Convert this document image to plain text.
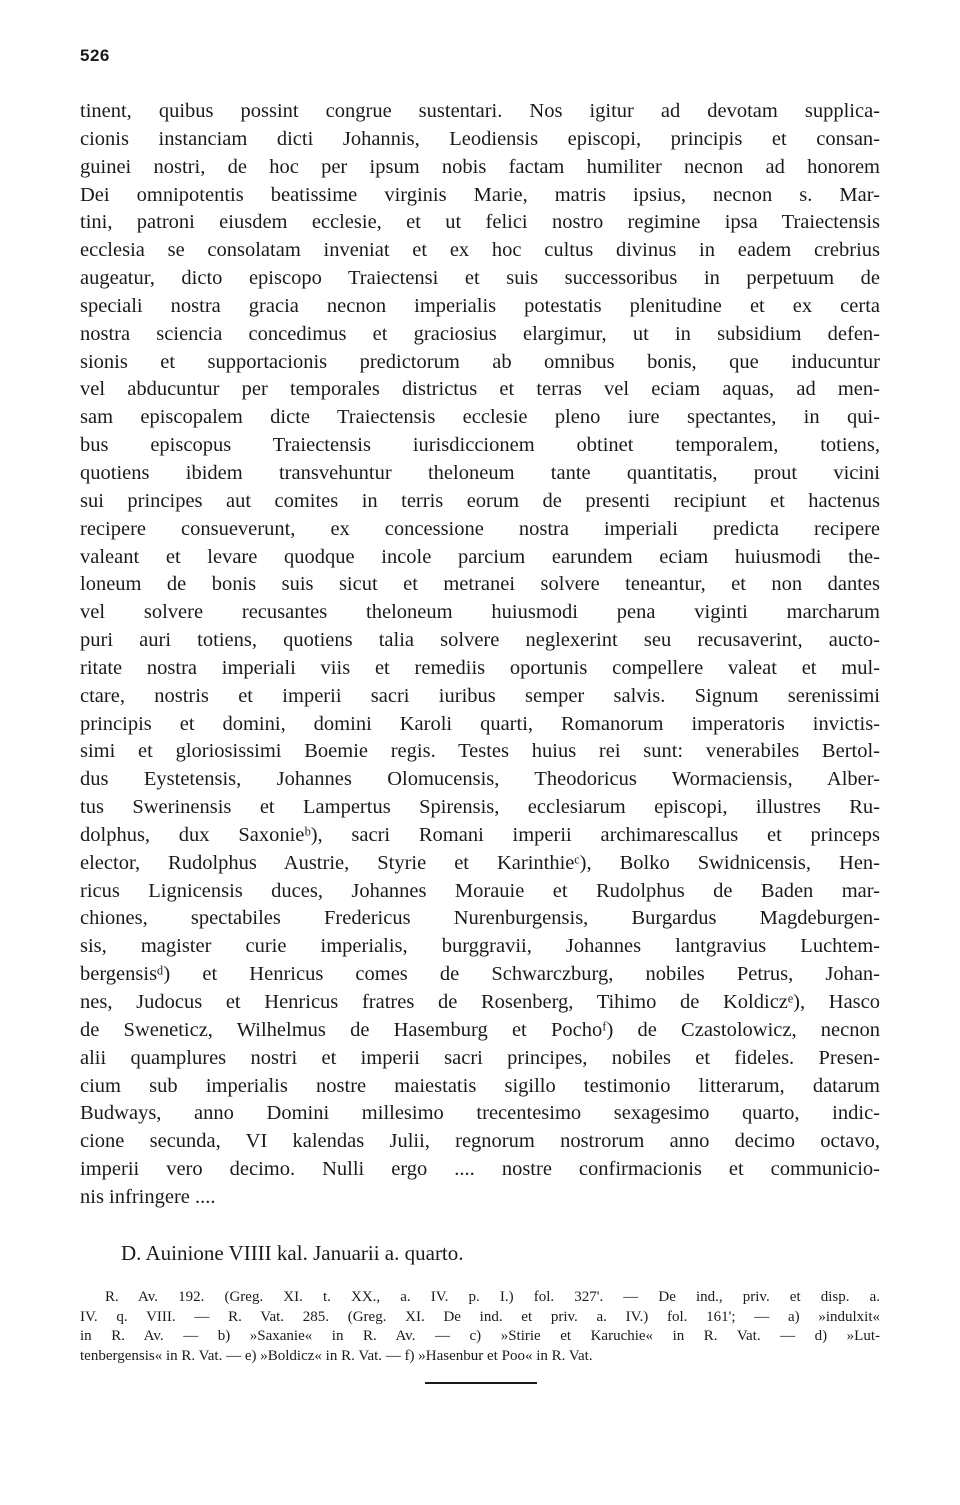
526
tinent, quibus possint congrue sustentari. Nos igitur ad devotam supplica-
cionis instanciam dicti Johannis, Leodiensis episcopi, principis et consan-
guinei nostri, de hoc per ipsum nobis factam humiliter necnon ad honorem
Dei omnipotentis beatissime virginis Marie, matris ipsius, necnon s. Mar-
tini, patroni eiusdem ecclesie, et ut felici nostro regimine ipsa Traiectensis
ecclesia se consolatam inveniat et ex hoc cultus divinus in eadem crebrius
augeatur, dicto episcopo Traiectensi et suis successoribus in perpetuum de
speciali nostra gracia necnon imperialis potestatis plenitudine et ex certa
nostra sciencia concedimus et graciosius elargimur, ut in subsidium defen-
sionis et supportacionis predictorum ab omnibus bonis, que inducuntur
vel abducuntur per temporales districtus et terras vel eciam aquas, ad men-
sam episcopalem dicte Traiectensis ecclesie pleno iure spectantes, in qui-
bus episcopus Traiectensis iurisdiccionem obtinet temporalem, totiens,
quotiens ibidem transvehuntur theloneum tante quantitatis, prout vicini
sui principes aut comites in terris eorum de presenti recipiunt et hactenus
recipere consueverunt, ex concessione nostra imperiali predicta recipere
valeant et levare quodque incole parcium earundem eciam huiusmodi the-
loneum de bonis suis sicut et metranei solvere teneantur, et non dantes
vel solvere recusantes theloneum huiusmodi pena viginti marcharum
puri auri totiens, quotiens talia solvere neglexerint seu recusaverint, aucto-
ritate nostra imperiali viis et remediis oportunis compellere valeat et mul-
ctare, nostris et imperii sacri iuribus semper salvis. Signum serenissimi
principis et domini, domini Karoli quarti, Romanorum imperatoris invictis-
simi et gloriosissimi Boemie regis. Testes huius rei sunt: venerabiles Bertol-
dus Eystetensis, Johannes Olomucensis, Theodoricus Wormaciensis, Alber-
tus Swerinensis et Lampertus Spirensis, ecclesiarum episcopi, illustres Ru-
dolphus, dux Saxonieᵇ), sacri Romani imperii archimarescallus et princeps
elector, Rudolphus Austrie, Styrie et Karinthieᶜ), Bolko Swidnicensis, Hen-
ricus Lignicensis duces, Johannes Morauie et Rudolphus de Baden mar-
chiones, spectabiles Fredericus Nurenburgensis, Burgardus Magdeburgen-
sis, magister curie imperialis, burggravii, Johannes lantgravius Luchtem-
bergensisᵈ) et Henricus comes de Schwarczburg, nobiles Petrus, Johan-
nes, Judocus et Henricus fratres de Rosenberg, Tihimo de Koldiczᵉ), Hasco
de Sweneticz, Wilhelmus de Hasemburg et Pochoᶠ) de Czastolowicz, necnon
alii quamplures nostri et imperii sacri principes, nobiles et fideles. Presen-
cium sub imperialis nostre maiestatis sigillo testimonio litterarum, datarum
Budways, anno Domini millesimo trecentesimo sexagesimo quarto, indic-
cione secunda, VI kalendas Julii, regnorum nostrorum anno decimo octavo,
imperii vero decimo. Nulli ergo .... nostre confirmacionis et communicio-
nis infringere ....
D. Auinione VIIII kal. Januarii a. quarto.
R. Av. 192. (Greg. XI. t. XX., a. IV. p. I.) fol. 327'. — De ind., priv. et disp. a.
IV. q. VIII. — R. Vat. 285. (Greg. XI. De ind. et priv. a. IV.) fol. 161'; — a) »indulxit«
in R. Av. — b) »Saxanie« in R. Av. — c) »Stirie et Karuchie« in R. Vat. — d) »Lut-
tenbergensis« in R. Vat. — e) »Boldicz« in R. Vat. — f) »Hasenbur et Poo« in R. Vat.
